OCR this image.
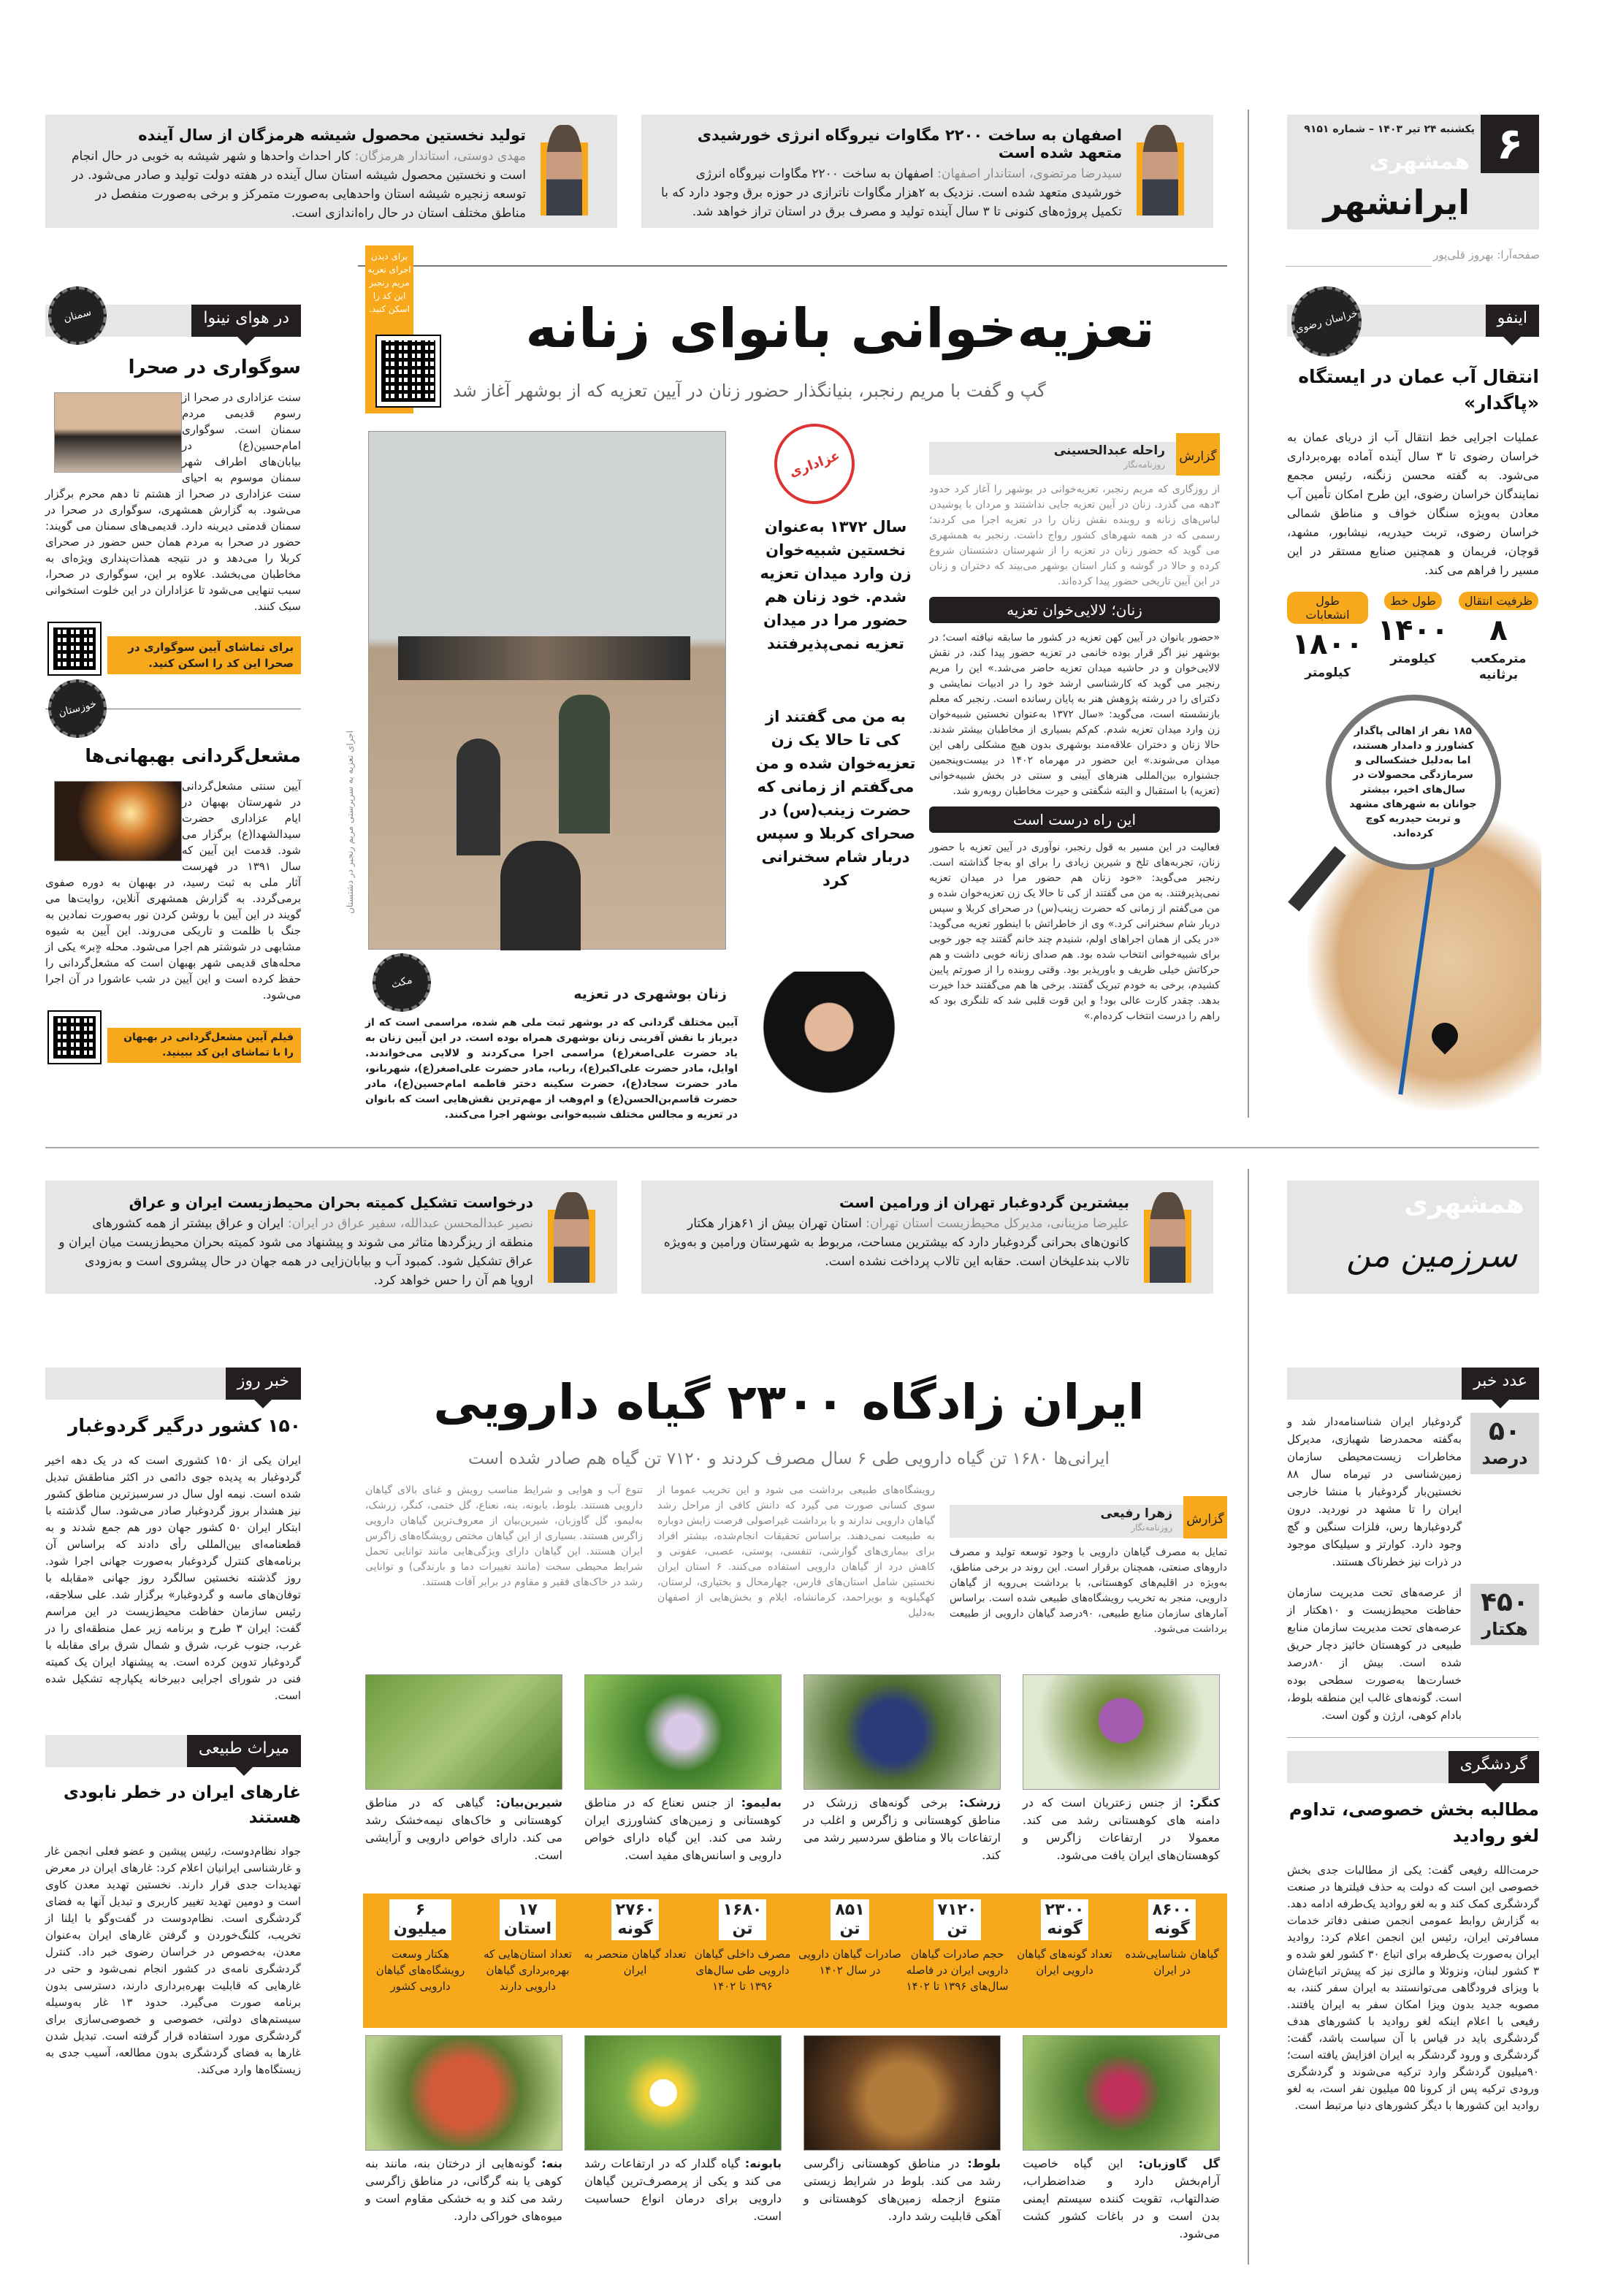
۶
یکشنبه ۲۴ تیر ۱۴۰۳ – شماره ۹۱۵۱
همشهری
ایرانشهر
صفحه‌آرا: بهروز قلی‌پور
اصفهان به ساخت ۲۲۰۰ مگاوات نیروگاه انرژی خورشیدی متعهد شده است
سیدرضا مرتضوی، استاندار اصفهان: اصفهان به ساخت ۲۲۰۰ مگاوات نیروگاه انرژی خورشیدی متعهد شده است. نزدیک به ۲هزار مگاوات ناترازی در حوزه برق وجود دارد که با تکمیل پروژه‌های کنونی تا ۳ سال آینده تولید و مصرف برق در استان تراز خواهد شد.
تولید نخستین محصول شیشه هرمزگان از سال آینده
مهدی دوستی، استاندار هرمزگان: کار احداث واحدها و شهر شیشه به خوبی در حال انجام است و نخستین محصول شیشه استان سال آینده در هفته دولت تولید و صادر می‌شود. در توسعه زنجیره شیشه استان واحدهایی به‌صورت متمرکز و برخی به‌صورت منفصل در مناطق مختلف استان در حال راه‌اندازی است.
اینفو
خراسان رضوی
انتقال آب عمان در ایستگاه «پاگدار»
عملیات اجرایی خط انتقال آب از دریای عمان به خراسان رضوی تا ۳ سال آینده آماده بهره‌برداری می‌شود. به گفته محسن زنگنه، رئیس مجمع نمایندگان خراسان رضوی، این طرح امکان تأمین آب معادن به‌ویژه سنگان خواف و مناطق شمالی خراسان رضوی، تربت حیدریه، نیشابور، مشهد، قوچان، فریمان و همچنین صنایع مستقر در این مسیر را فراهم می کند.
ظرفیت انتقال
۸
مترمکعب برثانیه
طول خط
۱۴۰۰
کیلومتر
طول انشعابات
۱۸۰۰
کیلومتر
۱۸۵ نفر از اهالی پاگدار کشاورز و دامدار هستند، اما به‌دلیل خشکسالی و سرمازدگی محصولات در سال‌های اخیر، بیشتر جوانان به شهرهای مشهد و تربت حیدریه کوچ کرده‌اند.
برای دیدن اجرای تعزیه مریم رنجبر این کد را اسکن کنید.	تعزیه‌خوانی بانوای زنانه
گپ و گفت با مریم رنجبر، بنیانگذار حضور زنان در آیین تعزیه که از بوشهر آغاز شد
اجرای تعزیه به سرپرستی مریم رنجبر در دشتستان
عزاداری
سال ۱۳۷۲ به‌عنوان نخستین شبیه‌خوان زن وارد میدان تعزیه شدم. خود زنان هم حضور مرا در میدان تعزیه نمی‌پذیرفتند
به من می گفتند از کی تا حالا یک زن تعزیه‌خوان شده و من می‌گفتم از زمانی که حضرت زینب(س) در صحرای کربلا و سپس دربار شام سخنرانی کرد
گزارش
راحله عبدالحسینی
روزنامه‌نگار
از روزگاری که مریم رنجبر، تعزیه‌خوانی در بوشهر را آغاز کرد حدود ۳دهه می گذرد. زنان در آیین تعزیه جایی نداشتند و مردان با پوشیدن لباس‌های زنانه و روبنده نقش زنان را در تعزیه اجرا می کردند؛ رسمی که در همه شهرهای کشور رواج داشت. رنجبر به همشهری می گوید که حضور زنان در تعزیه را از شهرستان دشتستان شروع کرده و حالا در گوشه و کنار استان بوشهر می‌بیند که دختران و زنان در این آیین تاریخی حضور پیدا کرده‌اند.
زنان؛ لالایی‌خوان تعزیه
«حضور بانوان در آیین کهن تعزیه در کشور ما سابقه نیافته است؛ در بوشهر نیز اگر قرار بوده خانمی در تعزیه حضور پیدا کند، در نقش لالایی‌خوان و در حاشیه میدان تعزیه حاضر می‌شد.» این را مریم رنجبر می گوید که کارشناسی ارشد خود را در ادبیات نمایشی و دکترای را در رشته پژوهش هنر به پایان رسانده است. رنجبر که معلم بازنشسته است، می‌گوید: «سال ۱۳۷۲ به‌عنوان نخستین شبیه‌خوان زن وارد میدان تعزیه شدم. کم‌کم بسیاری از مخاطبان بیشتر شدند. حالا زنان و دختران علاقه‌مند بوشهری بدون هیچ مشکلی راهی این میدان می‌شوند.» این حضور در مهرماه ۱۴۰۲ در بیست‌وپنجمین جشنواره بین‌المللی هنرهای آیینی و سنتی در بخش شبیه‌خوانی (تعزیه) با استقبال و البته شگفتی و حیرت مخاطبان روبه‌رو شد.
این راه درست است
فعالیت در این مسیر به قول رنجبر، نوآوری در آیین تعزیه با حضور زنان، تجربه‌های تلخ و شیرین زیادی را برای او به‌جا گذاشته است. رنجبر می‌گوید: «خود زنان هم حضور مرا در میدان تعزیه نمی‌پذیرفتند. به من می گفتند از کی تا حالا یک زن تعزیه‌خوان شده و من می‌گفتم از زمانی که حضرت زینب(س) در صحرای کربلا و سپس دربار شام سخنرانی کرد.» وی از خاطراتش با اینطور تعزیه می‌گوید: «در یکی از همان اجراهای اولم، شنیدم چند خانم گفتند چه جور خوبی برای شبیه‌خوانی انتخاب شده بود. هم صدای زنانه خوبی داشت و هم حرکاتش خیلی ظریف و باورپذیر بود. وقتی روبنده را از صورتم پایین کشیدم، برخی به خودم تبریک گفتند. برخی ها هم می‌گفتند خدا خیرت بدهد. چقدر کارت عالی بود! و این قوت قلبی شد که تلنگری بود که راهم را درست انتخاب کرده‌ام.»
مکث
زنان بوشهری در تعزیه
آیین مختلف گردانی که در بوشهر ثبت ملی هم شده، مراسمی است که از دیرباز با نقش آفرینی زنان بوشهری همراه بوده است. در این آیین زنان به یاد حضرت علی‌اصغر(ع) مراسمی اجرا می‌کردند و لالایی می‌خواندند. اوایل، مادر حضرت علی‌اکبر(ع)، رباب، مادر حضرت علی‌اصغر(ع)، شهربانو، مادر حضرت سجاد(ع)، حضرت سکینه دختر فاطمه امام‌حسین(ع)، مادر حضرت قاسم‌بن‌الحسن(ع) و ام‌وهب از مهم‌ترین نقش‌هایی است که بانوان در تعزیه و مجالس مختلف شبیه‌خوانی بوشهر اجرا می‌کنند.
در هوای نینوا
سمنان
سوگواری در صحرا
سنت عزاداری در صحرا از رسوم قدیمی مردم سمنان است. سوگواری امام‌حسین(ع) در بیابان‌های اطراف شهر سمنان موسوم به احیای سنت عزاداری در صحرا از هشتم تا دهم محرم برگزار می‌شود. به گزارش همشهری، سوگواری در صحرا در سمنان قدمتی دیرینه دارد. قدیمی‌های سمنان می گویند: حضور در صحرا به مردم همان حس حضور در صحرای کربلا را می‌دهد و در نتیجه همذات‌پنداری ویژه‌ای به مخاطبان می‌بخشد. علاوه بر این، سوگواری در صحرا، سبب تنهایی می‌شود تا عزاداران در این خلوت استخوانی سبک کنند.
برای تماشای آیین سوگواری در صحرا این کد را اسکن کنید.
خوزستان
مشعل‌گردانی بهبهانی‌ها
آیین سنتی مشعل‌گردانی در شهرستان بهبهان در ایام عزاداری حضرت سیدالشهدا(ع) برگزار می شود. قدمت این آیین که سال ۱۳۹۱ در فهرست آثار ملی به ثبت رسید، در بهبهان به دوره صفوی برمی‌گردد. به گزارش همشهری آنلاین، روایت‌ها می گویند در این آیین با روشن کردن نور به‌صورت نمادین به جنگ با ظلمت و تاریکی می‌روند. این آیین به شیوه مشابهی در شوشتر هم اجرا می‌شود. محله «ٍبر» یکی از محله‌های قدیمی شهر بهبهان است که مشعل‌گردانی را حفظ کرده است و این آیین در شب عاشورا در آن اجرا می‌شود.
فیلم آیین مشعل‌گردانی در بهبهان را با تماشای این کد ببینید.
همشهری
سرزمین من
بیشترین گردوغبار تهران از ورامین است
علیرضا مزینانی، مدیرکل محیط‌زیست استان تهران: استان تهران بیش از ۶۱هزار هکتار کانون‌های بحرانی گردوغبار دارد که بیشترین مساحت، مربوط به شهرستان ورامین و به‌ویژه تالاب بندعلیخان است. حقابه این تالاب پرداخت نشده است.
درخواست تشکیل کمیته بحران محیط‌زیست ایران و عراق
نصیر عبدالمحسن عبدالله، سفیر عراق در ایران: ایران و عراق بیشتر از همه کشورهای منطقه از ریزگردها متاثر می شوند و پیشنهاد می شود کمیته بحران محیط‌زیست میان ایران و عراق تشکیل شود. کمبود آب و بیابان‌زایی در همه جهان در حال پیشروی است و به‌زودی اروپا هم آن را حس خواهد کرد.
ایران زادگاه ۲۳۰۰ گیاه دارویی
ایرانی‌ها ۱۶۸۰ تن گیاه دارویی طی ۶ سال مصرف کردند و ۷۱۲۰ تن گیاه هم صادر شده است
گزارش
زهرا رفیعی
روزنامه‌نگار
تمایل به مصرف گیاهان دارویی با وجود توسعه تولید و مصرف داروهای صنعتی، همچنان برقرار است. این روند در برخی مناطق، به‌ویژه در اقلیم‌های کوهستانی، با برداشت بی‌رویه از گیاهان دارویی، منجر به تخریب رویشگاه‌های طبیعی شده است. براساس آمارهای سازمان منابع طبیعی، ۹۰درصد گیاهان دارویی از طبیعت برداشت می‌شود.
رویشگاه‌های طبیعی برداشت می شود و این تخریب عموما از سوی کسانی صورت می گیرد که دانش کافی از مراحل رشد گیاهان دارویی ندارند و با برداشت غیراصولی فرصت زایش دوباره به طبیعت نمی‌دهند. براساس تحقیقات انجام‌شده، بیشتر افراد برای بیماری‌های گوارشی، تنفسی، پوستی، عصبی، عفونی و کاهش درد از گیاهان دارویی استفاده می‌کنند. ۶ استان ایران نخستین شامل استان‌های فارس، چهارمحال و بختیاری، لرستان، کهگیلویه و بویراحمد، کرمانشاه، ایلام و بخش‌هایی از اصفهان به‌دلیل
تنوع آب و هوایی و شرایط مناسب رویش و غنای بالای گیاهان دارویی هستند. بلوط، بابونه، بنه، نعناع، گل ختمی، کنگر، زرشک، به‌لیمو، گل گاوزبان، شیرین‌بیان از معروف‌ترین گیاهان دارویی زاگرس هستند. بسیاری از این گیاهان مختص رویشگاه‌های زاگرس ایران هستند. این گیاهان دارای ویژگی‌هایی مانند توانایی تحمل شرایط محیطی سخت (مانند تغییرات دما و بارندگی) و توانایی رشد در خاک‌های فقیر و مقاوم در برابر آفات هستند.
کنگر: از جنس زعتریان است که در دامنه های کوهستانی رشد می کند. معمولا در ارتفاعات زاگرس و کوهستان‌های ایران یافت می‌شود.
زرشک: برخی گونه‌های زرشک در مناطق کوهستانی و زاگرس و اغلب در ارتفاعات بالا و مناطق سردسیر رشد می کند.
به‌لیمو: از جنس نعناع که در مناطق کوهستانی و زمین‌های کشاورزی ایران رشد می کند. این گیاه دارای خواص دارویی و اسانس‌های مفید است.
شیرین‌بیان: گیاهی که در مناطق کوهستانی و خاک‌های نیمه‌خشک رشد می کند. دارای خواص دارویی و آرایشی است.
۸۶۰۰
گونه
گیاهان شناسایی‌شده در ایران
۲۳۰۰
گونه
تعداد گونه‌های گیاهان دارویی ایران
۷۱۲۰
تن
حجم صادرات گیاهان دارویی ایران در فاصله سال‌های ۱۳۹۶ تا ۱۴۰۲
۸۵۱
تن
صادرات گیاهان دارویی در سال ۱۴۰۲
۱۶۸۰
تن
مصرف داخلی گیاهان دارویی طی سال‌های ۱۳۹۶ تا ۱۴۰۲
۲۷۶۰
گونه
تعداد گیاهان منحصر به ایران
۱۷
استان
تعداد استان‌هایی که بهره‌برداری گیاهان دارویی دارند
۶
میلیون
هکتار وسعت رویشگاه‌های گیاهان دارویی کشور
گل گاوزبان: این گیاه خاصیت آرام‌بخش دارد و ضداضطراب، ضدالتهاب، تقویت کننده سیستم ایمنی بدن است و در باغات کشور کشت می‌شود.
بلوط: در مناطق کوهستانی زاگرسی رشد می کند. بلوط در شرایط زیستی متنوع ازجمله زمین‌های کوهستانی و آهکی قابلیت رشد دارد.
بابونه: گیاه گلدار که در ارتفاعات رشد می کند و یکی از پرمصرف‌ترین گیاهان دارویی برای درمان انواع حساسیت است.
بنه: گونه‌هایی از درختان بنه، مانند بنه کوهی یا بنه گرگانی، در مناطق زاگرسی رشد می کند و به خشکی مقاوم است و میوه‌های خوراکی دارد.
خبر روز
۱۵۰ کشور درگیر گردوغبار
ایران یکی از ۱۵۰ کشوری است که در یک دهه اخیر گردوغبار به پدیده جوی دائمی در اکثر مناطقش تبدیل شده است. نیمه اول سال در سرسبزترین مناطق کشور نیز هشدار بروز گردوغبار صادر می‌شود. سال گذشته با ابتکار ایران ۵۰ کشور جهان دور هم جمع شدند و به قطعنامه‌ای بین‌المللی رأی دادند که براساس آن برنامه‌های کنترل گردوغبار به‌صورت جهانی اجرا شود. روز گذشته نخستین سالگرد روز جهانی «مقابله با توفان‌های ماسه و گردوغبار» برگزار شد. علی سلاجقه، رئیس سازمان حفاظت محیط‌زیست در این مراسم گفت: ایران ۳ طرح و برنامه زیر عمل منطقه‌ای را در غرب، جنوب غرب، شرق و شمال شرق برای مقابله با گردوغبار تدوین کرده است. به پیشنهاد ایران یک کمیته فنی در شورای اجرایی دبیرخانه یکپارچه تشکیل شده است.
میراث طبیعی
غارهای ایران در خطر نابودی هستند
جواد نظام‌دوست، رئیس پیشین و عضو فعلی انجمن غار و غارشناسی ایرانیان اعلام کرد: غارهای ایران در معرض تهدیدات جدی قرار دارند. نخستین تهدید معدن کاوی است و دومین تهدید تغییر کاربری و تبدیل آنها به فضای گردشگری است. نظام‌دوست در گفت‌وگو با ایلنا از تخریب، کلنگ‌خوردن و گرفتن غارهای ایران به‌عنوان معدن، به‌خصوص در خراسان رضوی خبر داد. کنترل گردشگری نامه‌ی در کشور انجام نمی‌شود و حتی در غارهایی که قابلیت بهره‌برداری دارند، دسترسی بدون برنامه صورت می‌گیرد. حدود ۱۳ غار به‌وسیله سیستم‌های دولتی، خصوصی و خصوصی‌سازی برای گردشگری مورد استفاده قرار گرفته است. تبدیل شدن غارها به فضای گردشگری بدون مطالعه، آسیب جدی به زیستگاه‌ها وارد می‌کند.
عدد خبر
۵۰
درصد
گردوغبار ایران شناسنامه‌دار شد و به‌گفته محمدرضا شهبازی، مدیرکل مخاطرات زیست‌محیطی سازمان زمین‌شناسی در تیرماه سال ۸۸ نخستین‌بار گردوغبار با منشا خارجی ایران را تا مشهد در نوردید. درون گردوغبارها رس، فلزات سنگین و گچ وجود دارد. کوارتز و سیلیکای موجود در ذرات نیز خطرناک هستند.
۴۵۰
هکتار
از عرصه‌های تحت مدیریت سازمان حفاظت محیط‌زیست و ۱۰هکتار از عرصه‌های تحت مدیریت سازمان منابع طبیعی در کوهستان خائیز دچار حریق شده است. بیش از ۸۰درصد خسارت‌ها به‌صورت سطحی بوده است. گونه‌های غالب این منطقه بلوط، بادام کوهی، ارژن و گون است.
گردشگری
مطالبه بخش خصوصی، تداوم لغو روادید
حرمت‌الله رفیعی گفت: یکی از مطالبات جدی بخش خصوصی این است که دولت به حذف فیلترها در صنعت گردشگری کمک کند و به لغو روادید یک‌طرفه ادامه دهد. به گزارش روابط عمومی انجمن صنفی دفاتر خدمات مسافرتی ایران، رئیس این انجمن اعلام کرد: روادید ایران به‌صورت یک‌طرفه برای اتباع ۳۰ کشور لغو شده و ۳ کشور لبنان، ونزوئلا و مالزی نیز که پیش‌تر اتباع‌شان با ویزای فرودگاهی می‌توانستند به ایران سفر کنند، به مصوبه جدید بدون ویزا امکان سفر به ایران یافتند. رفیعی با اعلام اینکه لغو روادید با کشورهای هدف گردشگری باید در قیاس با آن سیاست باشد، گفت: گردشگری و ورود گردشگر به ایران افزایش یافته است؛ ۹۰میلیون گردشگر وارد ترکیه می‌شوند و گردشگری ورودی ترکیه پس از کرونا ۵۵ میلیون نفر است، به لغو روادید این کشورها با دیگر کشورهای دنیا مرتبط است.
